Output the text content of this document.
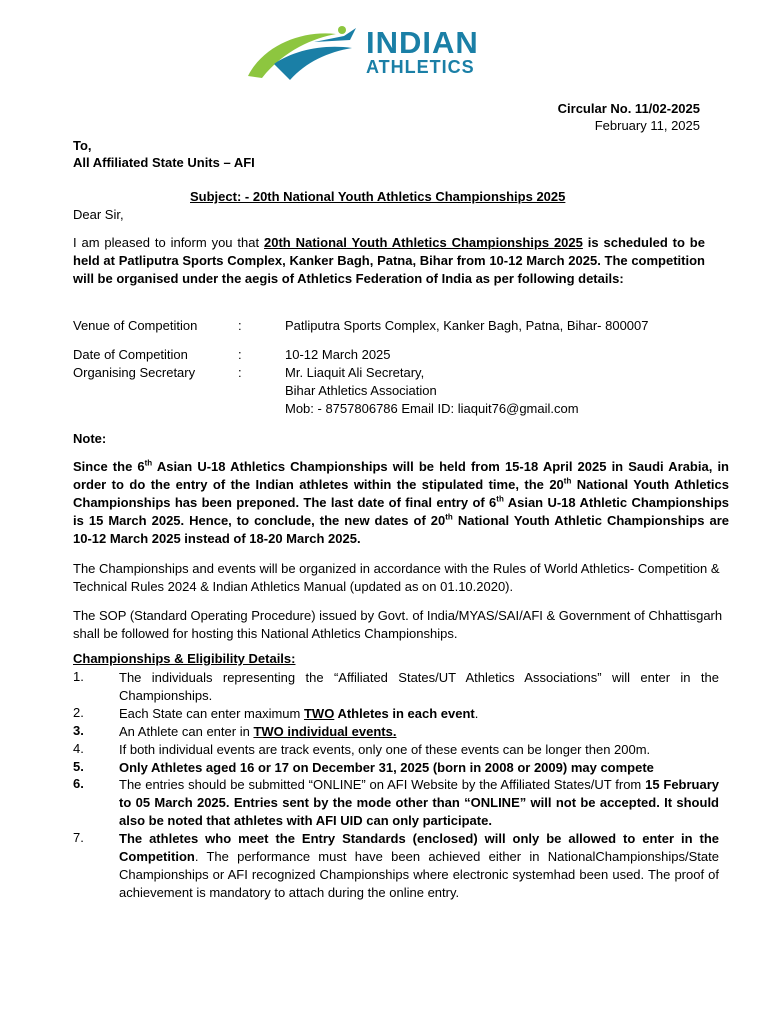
INDIAN
ATHLETICS
Circular No. 11/02-2025
February 11, 2025
To,
All Affiliated State Units – AFI
Subject: - 20th National Youth Athletics Championships 2025
Dear Sir,
I am pleased to inform you that 20th National Youth Athletics Championships 2025 is scheduled to be held at Patliputra Sports Complex, Kanker Bagh, Patna, Bihar from 10-12 March 2025. The competition will be organised under the aegis of Athletics Federation of India as per following details:
Venue of Competition	:	Patliputra Sports Complex, Kanker Bagh, Patna, Bihar- 800007
Date of Competition	:	10-12 March 2025
Organising Secretary	:	Mr. Liaquit Ali Secretary,
Bihar Athletics Association
Mob: - 8757806786 Email ID: liaquit76@gmail.com
Note:
Since the 6th Asian U-18 Athletics Championships will be held from 15-18 April 2025 in Saudi Arabia, in order to do the entry of the Indian athletes within the stipulated time, the 20th National Youth Athletics Championships has been preponed. The last date of final entry of 6th Asian U-18 Athletic Championships is 15 March 2025. Hence, to conclude, the new dates of 20th National Youth Athletic Championships are 10-12 March 2025 instead of 18-20 March 2025.
The Championships and events will be organized in accordance with the Rules of World Athletics- Competition & Technical Rules 2024 & Indian Athletics Manual (updated as on 01.10.2020).
The SOP (Standard Operating Procedure) issued by Govt. of India/MYAS/SAI/AFI & Government of Chhattisgarh shall be followed for hosting this National Athletics Championships.
Championships & Eligibility Details:
1.	The individuals representing the “Affiliated States/UT Athletics Associations” will enter in the Championships.
2.	Each State can enter maximum TWO Athletes in each event.
3.	An Athlete can enter in TWO individual events.
4.	If both individual events are track events, only one of these events can be longer then 200m.
5.	Only Athletes aged 16 or 17 on December 31, 2025 (born in 2008 or 2009) may compete
6.	The entries should be submitted “ONLINE” on AFI Website by the Affiliated States/UT from 15 February to 05 March 2025. Entries sent by the mode other than “ONLINE” will not be accepted. It should also be noted that athletes with AFI UID can only participate.
7.	The athletes who meet the Entry Standards (enclosed) will only be allowed to enter in the Competition. The performance must have been achieved either in NationalChampionships/State Championships or AFI recognized Championships where electronic systemhad been used. The proof of achievement is mandatory to attach during the online entry.
